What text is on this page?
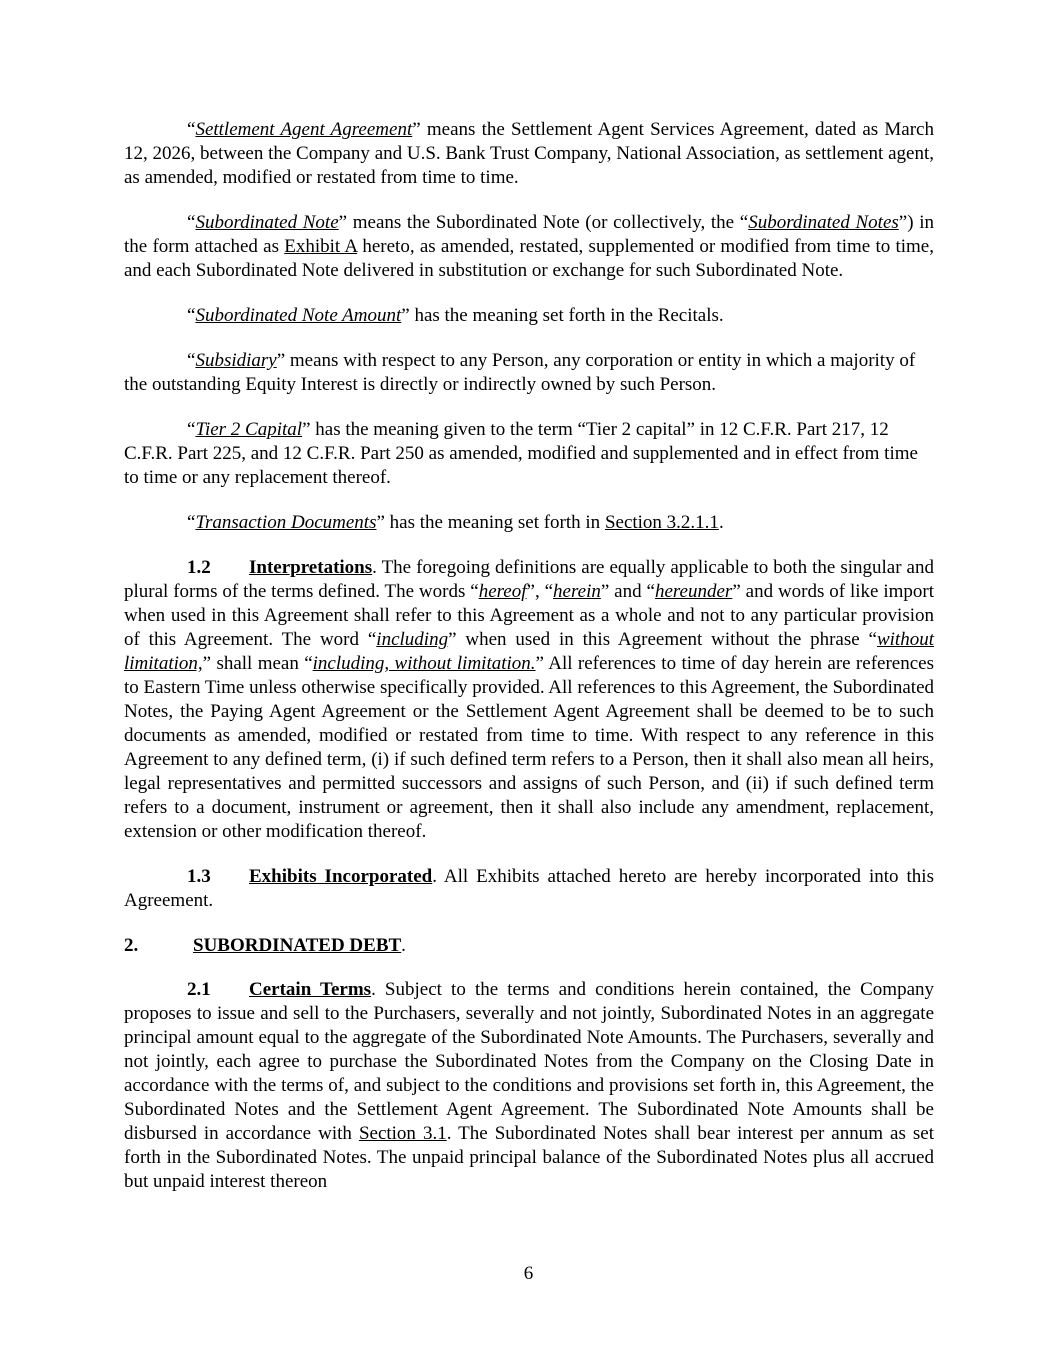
“Settlement Agent Agreement” means the Settlement Agent Services Agreement, dated as March 12, 2026, between the Company and U.S. Bank Trust Company, National Association, as settlement agent, as amended, modified or restated from time to time.

“Subordinated Note” means the Subordinated Note (or collectively, the “Subordinated Notes”) in the form attached as Exhibit A hereto, as amended, restated, supplemented or modified from time to time, and each Subordinated Note delivered in substitution or exchange for such Subordinated Note.

“Subordinated Note Amount” has the meaning set forth in the Recitals.

“Subsidiary” means with respect to any Person, any corporation or entity in which a majority of the outstanding Equity Interest is directly or indirectly owned by such Person.

“Tier 2 Capital” has the meaning given to the term “Tier 2 capital” in 12 C.F.R. Part 217, 12 C.F.R. Part 225, and 12 C.F.R. Part 250 as amended, modified and supplemented and in effect from time to time or any replacement thereof.

“Transaction Documents” has the meaning set forth in Section 3.2.1.1.

1.2 Interpretations. The foregoing definitions are equally applicable to both the singular and plural forms of the terms defined. The words “hereof”, “herein” and “hereunder” and words of like import when used in this Agreement shall refer to this Agreement as a whole and not to any particular provision of this Agreement. The word “including” when used in this Agreement without the phrase “without limitation,” shall mean “including, without limitation.” All references to time of day herein are references to Eastern Time unless otherwise specifically provided. All references to this Agreement, the Subordinated Notes, the Paying Agent Agreement or the Settlement Agent Agreement shall be deemed to be to such documents as amended, modified or restated from time to time. With respect to any reference in this Agreement to any defined term, (i) if such defined term refers to a Person, then it shall also mean all heirs, legal representatives and permitted successors and assigns of such Person, and (ii) if such defined term refers to a document, instrument or agreement, then it shall also include any amendment, replacement, extension or other modification thereof.

1.3 Exhibits Incorporated. All Exhibits attached hereto are hereby incorporated into this Agreement.

2.	SUBORDINATED DEBT.

2.1 Certain Terms. Subject to the terms and conditions herein contained, the Company proposes to issue and sell to the Purchasers, severally and not jointly, Subordinated Notes in an aggregate principal amount equal to the aggregate of the Subordinated Note Amounts. The Purchasers, severally and not jointly, each agree to purchase the Subordinated Notes from the Company on the Closing Date in accordance with the terms of, and subject to the conditions and provisions set forth in, this Agreement, the Subordinated Notes and the Settlement Agent Agreement. The Subordinated Note Amounts shall be disbursed in accordance with Section 3.1. The Subordinated Notes shall bear interest per annum as set forth in the Subordinated Notes. The unpaid principal balance of the Subordinated Notes plus all accrued but unpaid interest thereon

6
